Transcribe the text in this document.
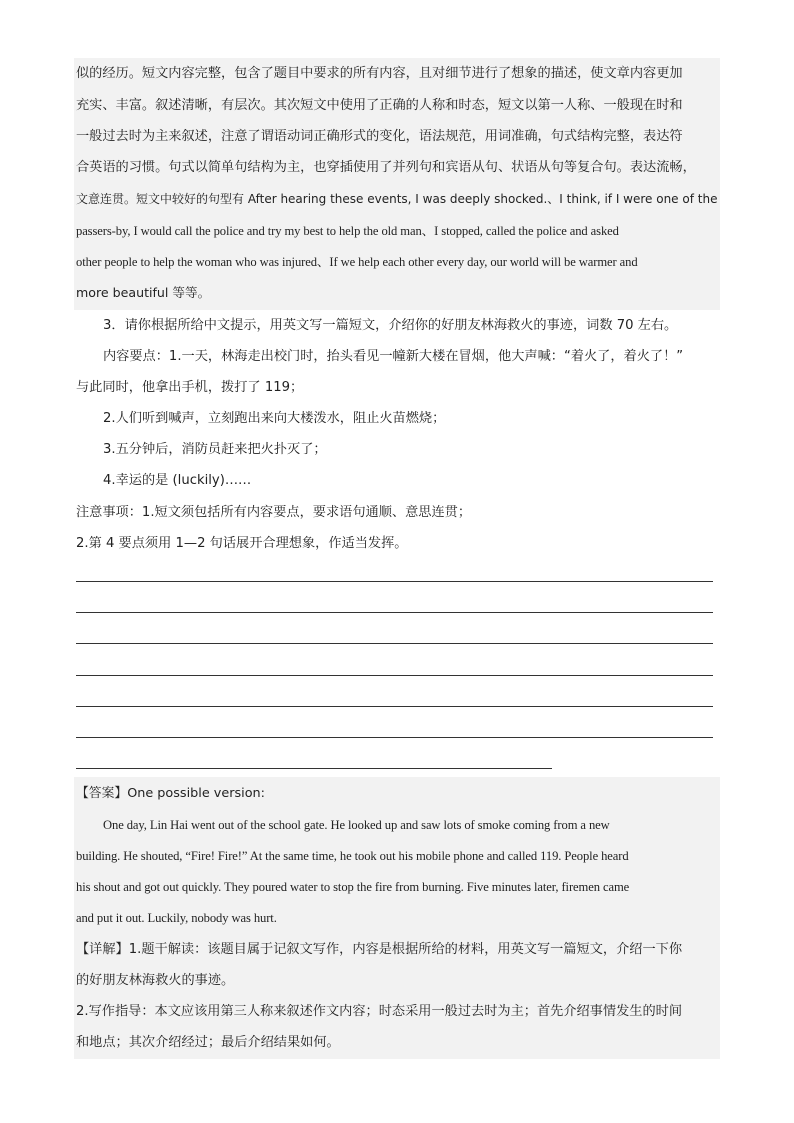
似的经历。短文内容完整，包含了题目中要求的所有内容，且对细节进行了想象的描述，使文章内容更加
充实、丰富。叙述清晰，有层次。其次短文中使用了正确的人称和时态，短文以第一人称、一般现在时和
一般过去时为主来叙述，注意了谓语动词正确形式的变化，语法规范，用词准确，句式结构完整，表达符
合英语的习惯。句式以简单句结构为主，也穿插使用了并列句和宾语从句、状语从句等复合句。表达流畅，
文意连贯。短文中较好的句型有 After hearing these events, I was deeply shocked.、I think, if I were one of the
passers-by, I would call the police and try my best to help the old man、I stopped, called the police and asked
other people to help the woman who was injured、If we help each other every day, our world will be warmer and
more beautiful 等等。
3．请你根据所给中文提示，用英文写一篇短文，介绍你的好朋友林海救火的事迹，词数 70 左右。
内容要点：1.一天，林海走出校门时，抬头看见一幢新大楼在冒烟，他大声喊：“着火了，着火了！”
与此同时，他拿出手机，拨打了 119；
2.人们听到喊声，立刻跑出来向大楼泼水，阻止火苗燃烧；
3.五分钟后，消防员赶来把火扑灭了；
4.幸运的是 (luckily)……
注意事项：1.短文须包括所有内容要点，要求语句通顺、意思连贯；
2.第 4 要点须用 1—2 句话展开合理想象，作适当发挥。
【答案】One possible version:
One day, Lin Hai went out of the school gate. He looked up and saw lots of smoke coming from a new
building. He shouted, “Fire! Fire!” At the same time, he took out his mobile phone and called 119. People heard
his shout and got out quickly. They poured water to stop the fire from burning. Five minutes later, firemen came
and put it out. Luckily, nobody was hurt.
【详解】1.题干解读：该题目属于记叙文写作，内容是根据所给的材料，用英文写一篇短文，介绍一下你
的好朋友林海救火的事迹。
2.写作指导：本文应该用第三人称来叙述作文内容；时态采用一般过去时为主；首先介绍事情发生的时间
和地点；其次介绍经过；最后介绍结果如何。
